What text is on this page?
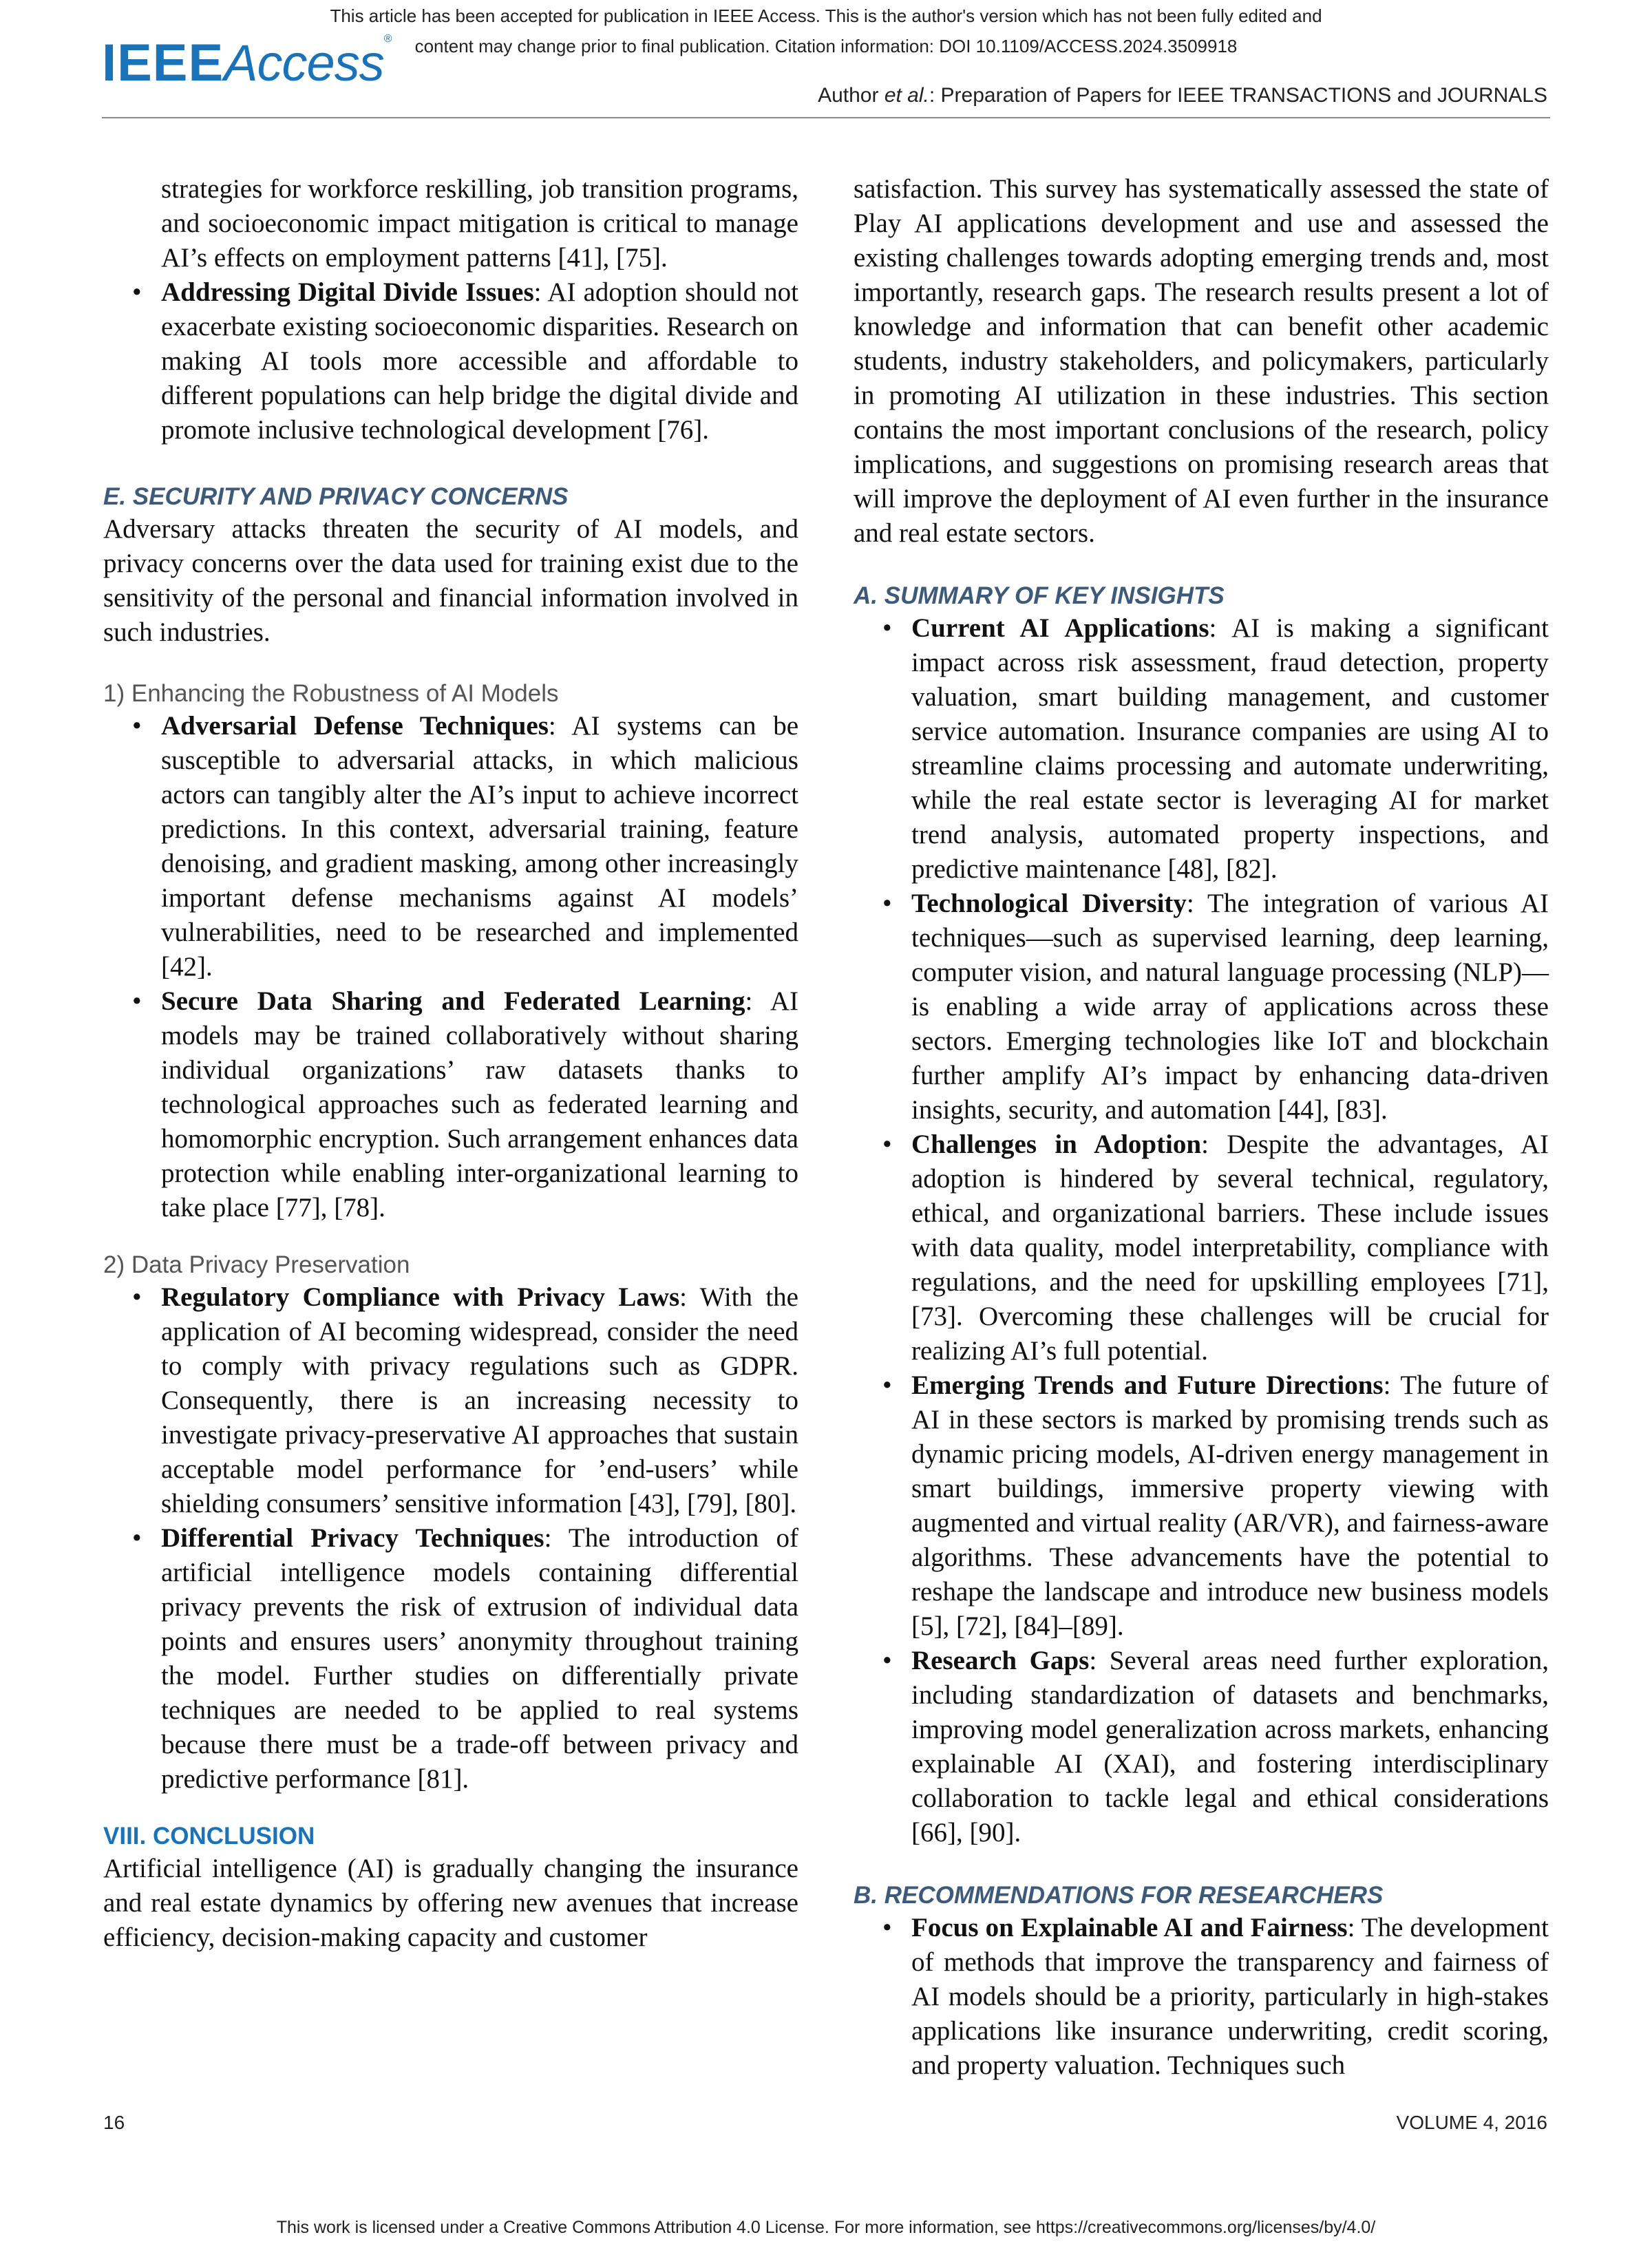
This article has been accepted for publication in IEEE Access. This is the author's version which has not been fully edited and
content may change prior to final publication. Citation information: DOI 10.1109/ACCESS.2024.3509918
IEEEAccess®
Author et al.: Preparation of Papers for IEEE TRANSACTIONS and JOURNALS
strategies for workforce reskilling, job transition programs, and socioeconomic impact mitigation is critical to manage AI’s effects on employment patterns [41], [75].
• Addressing Digital Divide Issues: AI adoption should not exacerbate existing socioeconomic disparities. Research on making AI tools more accessible and affordable to different populations can help bridge the digital divide and promote inclusive technological development [76].
E. SECURITY AND PRIVACY CONCERNS

Adversary attacks threaten the security of AI models, and privacy concerns over the data used for training exist due to the sensitivity of the personal and financial information involved in such industries.

1) Enhancing the Robustness of AI Models
• Adversarial Defense Techniques: AI systems can be susceptible to adversarial attacks, in which malicious actors can tangibly alter the AI’s input to achieve incorrect predictions. In this context, adversarial training, feature denoising, and gradient masking, among other increasingly important defense mechanisms against AI models’ vulnerabilities, need to be researched and implemented [42].
• Secure Data Sharing and Federated Learning: AI models may be trained collaboratively without sharing individual organizations’ raw datasets thanks to technological approaches such as federated learning and homomorphic encryption. Such arrangement enhances data protection while enabling inter-organizational learning to take place [77], [78].
2) Data Privacy Preservation
• Regulatory Compliance with Privacy Laws: With the application of AI becoming widespread, consider the need to comply with privacy regulations such as GDPR. Consequently, there is an increasing necessity to investigate privacy-preservative AI approaches that sustain acceptable model performance for ’end-users’ while shielding consumers’ sensitive information [43], [79], [80].
• Differential Privacy Techniques: The introduction of artificial intelligence models containing differential privacy prevents the risk of extrusion of individual data points and ensures users’ anonymity throughout training the model. Further studies on differentially private techniques are needed to be applied to real systems because there must be a trade-off between privacy and predictive performance [81].
VIII. CONCLUSION

Artificial intelligence (AI) is gradually changing the insurance and real estate dynamics by offering new avenues that increase efficiency, decision-making capacity and customer

satisfaction. This survey has systematically assessed the state of Play AI applications development and use and assessed the existing challenges towards adopting emerging trends and, most importantly, research gaps. The research results present a lot of knowledge and information that can benefit other academic students, industry stakeholders, and policymakers, particularly in promoting AI utilization in these industries. This section contains the most important conclusions of the research, policy implications, and suggestions on promising research areas that will improve the deployment of AI even further in the insurance and real estate sectors.

A. SUMMARY OF KEY INSIGHTS
• Current AI Applications: AI is making a significant impact across risk assessment, fraud detection, property valuation, smart building management, and customer service automation. Insurance companies are using AI to streamline claims processing and automate underwriting, while the real estate sector is leveraging AI for market trend analysis, automated property inspections, and predictive maintenance [48], [82].
• Technological Diversity: The integration of various AI techniques—such as supervised learning, deep learning, computer vision, and natural language processing (NLP)—is enabling a wide array of applications across these sectors. Emerging technologies like IoT and blockchain further amplify AI’s impact by enhancing data-driven insights, security, and automation [44], [83].
• Challenges in Adoption: Despite the advantages, AI adoption is hindered by several technical, regulatory, ethical, and organizational barriers. These include issues with data quality, model interpretability, compliance with regulations, and the need for upskilling employees [71], [73]. Overcoming these challenges will be crucial for realizing AI’s full potential.
• Emerging Trends and Future Directions: The future of AI in these sectors is marked by promising trends such as dynamic pricing models, AI-driven energy management in smart buildings, immersive property viewing with augmented and virtual reality (AR/VR), and fairness-aware algorithms. These advancements have the potential to reshape the landscape and introduce new business models [5], [72], [84]–[89].
• Research Gaps: Several areas need further exploration, including standardization of datasets and benchmarks, improving model generalization across markets, enhancing explainable AI (XAI), and fostering interdisciplinary collaboration to tackle legal and ethical considerations [66], [90].
B. RECOMMENDATIONS FOR RESEARCHERS
• Focus on Explainable AI and Fairness: The development of methods that improve the transparency and fairness of AI models should be a priority, particularly in high-stakes applications like insurance underwriting, credit scoring, and property valuation. Techniques such
16	VOLUME 4, 2016
This work is licensed under a Creative Commons Attribution 4.0 License. For more information, see https://creativecommons.org/licenses/by/4.0/
